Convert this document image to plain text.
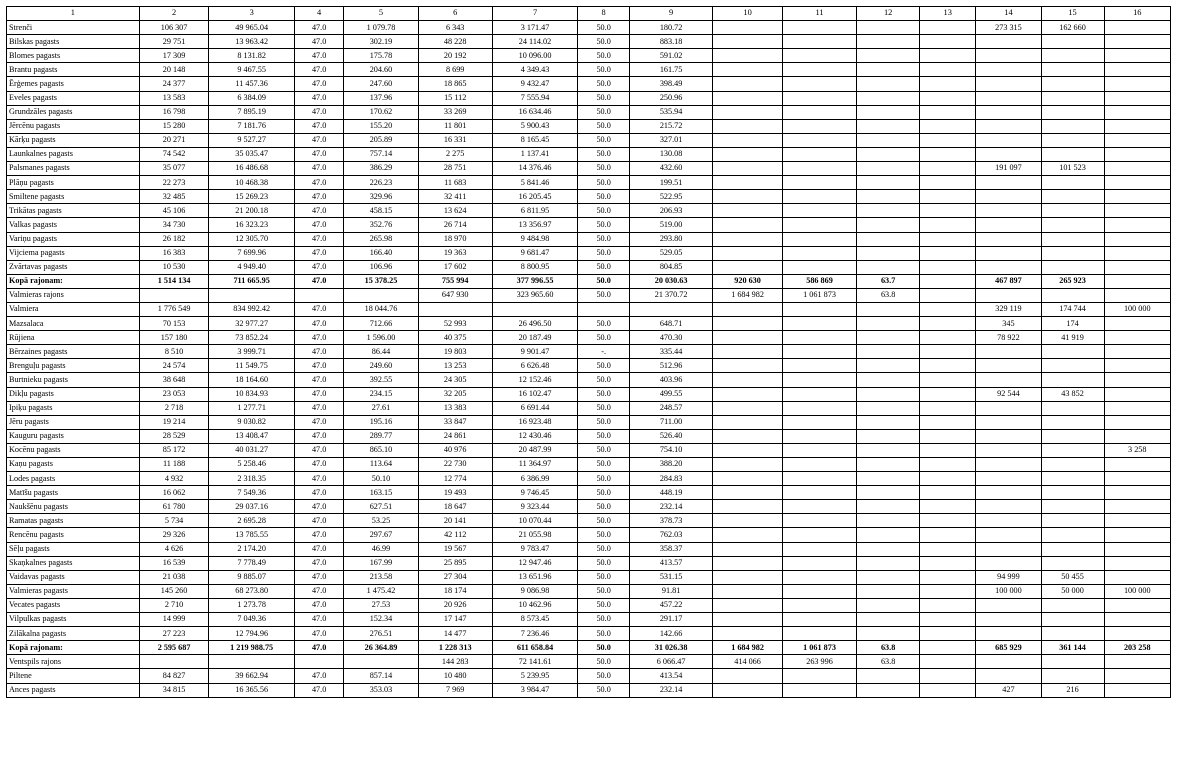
1	2	3	4	5	6	7	8	9	10	11	12	13	14	15	16
Strenči	106 307	49 965.04	47.0	1 079.78	6 343	3 171.47	50.0	180.72					273 315	162 660	
Bilskas pagasts	29 751	13 963.42	47.0	302.19	48 228	24 114.02	50.0	883.18							
Blomes pagasts	17 309	8 131.82	47.0	175.78	20 192	10 096.00	50.0	591.02							
Brantu pagasts	20 148	9 467.55	47.0	204.60	8 699	4 349.43	50.0	161.75							
Ērģemes pagasts	24 377	11 457.36	47.0	247.60	18 865	9 432.47	50.0	398.49							
Eveles pagasts	13 583	6 384.09	47.0	137.96	15 112	7 555.94	50.0	250.96							
Grundzāles pagasts	16 798	7 895.19	47.0	170.62	33 269	16 634.46	50.0	535.94							
Jērcēnu pagasts	15 280	7 181.76	47.0	155.20	11 801	5 900.43	50.0	215.72							
Kārķu pagasts	20 271	9 527.27	47.0	205.89	16 331	8 165.45	50.0	327.01							
Launkalnes pagasts	74 542	35 035.47	47.0	757.14	2 275	1 137.41	50.0	130.08							
Palsmanes pagasts	35 077	16 486.68	47.0	386.29	28 751	14 376.46	50.0	432.60					191 097	101 523	
Plāņu pagasts	22 273	10 468.38	47.0	226.23	11 683	5 841.46	50.0	199.51							
Smiltene pagasts	32 485	15 269.23	47.0	329.96	32 411	16 205.45	50.0	522.95							
Trikātas pagasts	45 106	21 200.18	47.0	458.15	13 624	6 811.95	50.0	206.93							
Valkas pagasts	34 730	16 323.23	47.0	352.76	26 714	13 356.97	50.0	519.00							
Variņu pagasts	26 182	12 305.70	47.0	265.98	18 970	9 484.98	50.0	293.80							
Vijciema pagasts	16 383	7 699.96	47.0	166.40	19 363	9 681.47	50.0	529.05							
Zvārtavas pagasts	10 530	4 949.40	47.0	106.96	17 602	8 800.95	50.0	804.85							
Kopā rajonam:	1 514 134	711 665.95	47.0	15 378.25	755 994	377 996.55	50.0	20 030.63	920 630	586 869	63.7		467 897	265 923	
Valmieras rajons					647 930	323 965.60	50.0	21 370.72	1 684 982	1 061 873	63.8				
Valmiera	1 776 549	834 992.42	47.0	18 044.76									329 119	174 744	100 000
Mazsalaca	70 153	32 977.27	47.0	712.66	52 993	26 496.50	50.0	648.71					345	174	
Rūjiena	157 180	73 852.24	47.0	1 596.00	40 375	20 187.49	50.0	470.30					78 922	41 919	
Bērzaines pagasts	8 510	3 999.71	47.0	86.44	19 803	9 901.47	-.	335.44							
Brenguļu pagasts	24 574	11 549.75	47.0	249.60	13 253	6 626.48	50.0	512.96							
Burtnieku pagasts	38 648	18 164.60	47.0	392.55	24 305	12 152.46	50.0	403.96							
Dikļu pagasts	23 053	10 834.93	47.0	234.15	32 205	16 102.47	50.0	499.55					92 544	43 852	
Ipiķu pagasts	2 718	1 277.71	47.0	27.61	13 383	6 691.44	50.0	248.57							
Jēru pagasts	19 214	9 030.82	47.0	195.16	33 847	16 923.48	50.0	711.00							
Kauguru pagasts	28 529	13 408.47	47.0	289.77	24 861	12 430.46	50.0	526.40							
Kocēnu pagasts	85 172	40 031.27	47.0	865.10	40 976	20 487.99	50.0	754.10							3 258
Kaņu pagasts	11 188	5 258.46	47.0	113.64	22 730	11 364.97	50.0	388.20							
Lodes pagasts	4 932	2 318.35	47.0	50.10	12 774	6 386.99	50.0	284.83							
Matīšu pagasts	16 062	7 549.36	47.0	163.15	19 493	9 746.45	50.0	448.19							
Naukšēnu pagasts	61 780	29 037.16	47.0	627.51	18 647	9 323.44	50.0	232.14							
Ramatas pagasts	5 734	2 695.28	47.0	53.25	20 141	10 070.44	50.0	378.73							
Rencēnu pagasts	29 326	13 785.55	47.0	297.67	42 112	21 055.98	50.0	762.03							
Sēļu pagasts	4 626	2 174.20	47.0	46.99	19 567	9 783.47	50.0	358.37							
Skaņkalnes pagasts	16 539	7 778.49	47.0	167.99	25 895	12 947.46	50.0	413.57							
Vaidavas pagasts	21 038	9 885.07	47.0	213.58	27 304	13 651.96	50.0	531.15					94 999	50 455	
Valmieras pagasts	145 260	68 273.80	47.0	1 475.42	18 174	9 086.98	50.0	91.81					100 000	50 000	100 000
Vecates pagasts	2 710	1 273.78	47.0	27.53	20 926	10 462.96	50.0	457.22							
Vilpulkas pagasts	14 999	7 049.36	47.0	152.34	17 147	8 573.45	50.0	291.17							
Zilākalna pagasts	27 223	12 794.96	47.0	276.51	14 477	7 236.46	50.0	142.66							
Kopā rajonam:	2 595 687	1 219 988.75	47.0	26 364.89	1 228 313	611 658.84	50.0	31 026.38	1 684 982	1 061 873	63.8		685 929	361 144	203 258
Ventspils rajons					144 283	72 141.61	50.0	6 066.47	414 066	263 996	63.8				
Piltene	84 827	39 662.94	47.0	857.14	10 480	5 239.95	50.0	413.54							
Ances pagasts	34 815	16 365.56	47.0	353.03	7 969	3 984.47	50.0	232.14					427	216	
